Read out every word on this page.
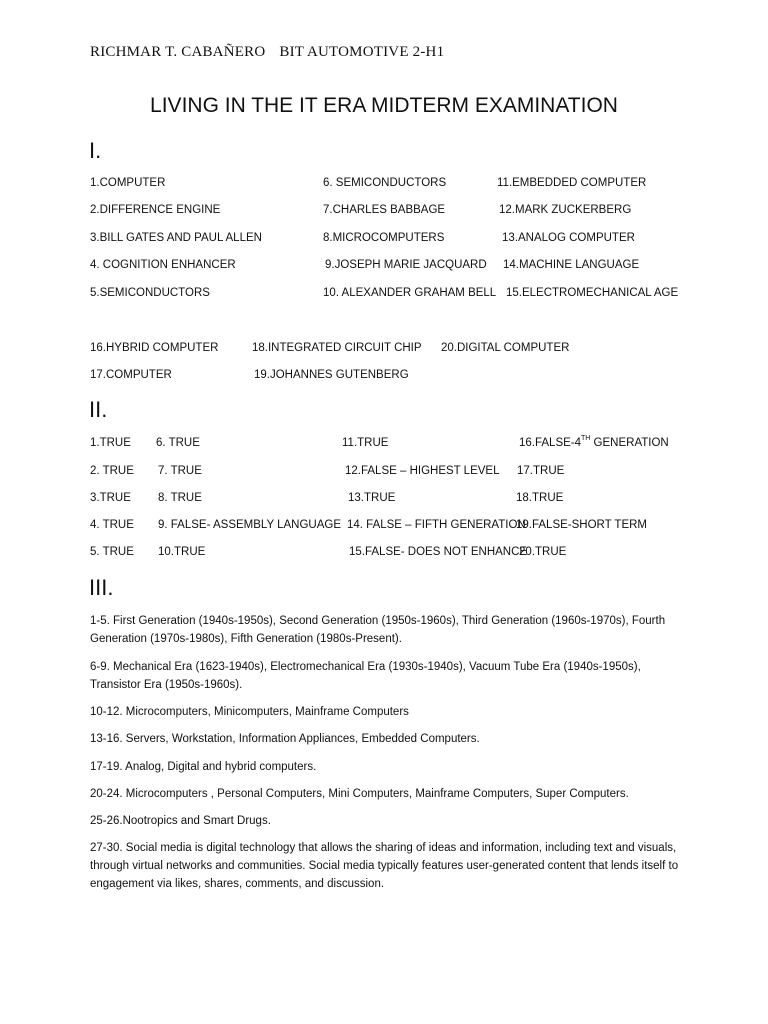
RICHMAR T. CABAÑERO BIT AUTOMOTIVE 2-H1
LIVING IN THE IT ERA MIDTERM EXAMINATION
I.
1.COMPUTER
2.DIFFERENCE ENGINE
3.BILL GATES AND PAUL ALLEN
4. COGNITION ENHANCER
5.SEMICONDUCTORS
6. SEMICONDUCTORS
7.CHARLES BABBAGE
8.MICROCOMPUTERS
9.JOSEPH MARIE JACQUARD
10. ALEXANDER GRAHAM BELL
11.EMBEDDED COMPUTER
12.MARK ZUCKERBERG
13.ANALOG COMPUTER
14.MACHINE LANGUAGE
15.ELECTROMECHANICAL AGE
16.HYBRID COMPUTER	18.INTEGRATED CIRCUIT CHIP 20.DIGITAL COMPUTER
17.COMPUTER	19.JOHANNES GUTENBERG
II.
1.TRUE
2. TRUE
3.TRUE
4. TRUE
5. TRUE
6. TRUE
7. TRUE
8. TRUE
9. FALSE- ASSEMBLY LANGUAGE
10.TRUE
11.TRUE
12.FALSE – HIGHEST LEVEL
13.TRUE
14. FALSE – FIFTH GENERATION
15.FALSE- DOES NOT ENHANCE
16.FALSE-4TH GENERATION
17.TRUE
18.TRUE
19.FALSE-SHORT TERM
20.TRUE
III.
1-5. First Generation (1940s-1950s), Second Generation (1950s-1960s), Third Generation (1960s-1970s), Fourth Generation (1970s-1980s), Fifth Generation (1980s-Present).
6-9. Mechanical Era (1623-1940s), Electromechanical Era (1930s-1940s), Vacuum Tube Era (1940s-1950s), Transistor Era (1950s-1960s).
10-12. Microcomputers, Minicomputers, Mainframe Computers
13-16. Servers, Workstation, Information Appliances, Embedded Computers.
17-19. Analog, Digital and hybrid computers.
20-24. Microcomputers , Personal Computers, Mini Computers, Mainframe Computers, Super Computers.
25-26.Nootropics and Smart Drugs.
27-30. Social media is digital technology that allows the sharing of ideas and information, including text and visuals, through virtual networks and communities. Social media typically features user-generated content that lends itself to engagement via likes, shares, comments, and discussion.
